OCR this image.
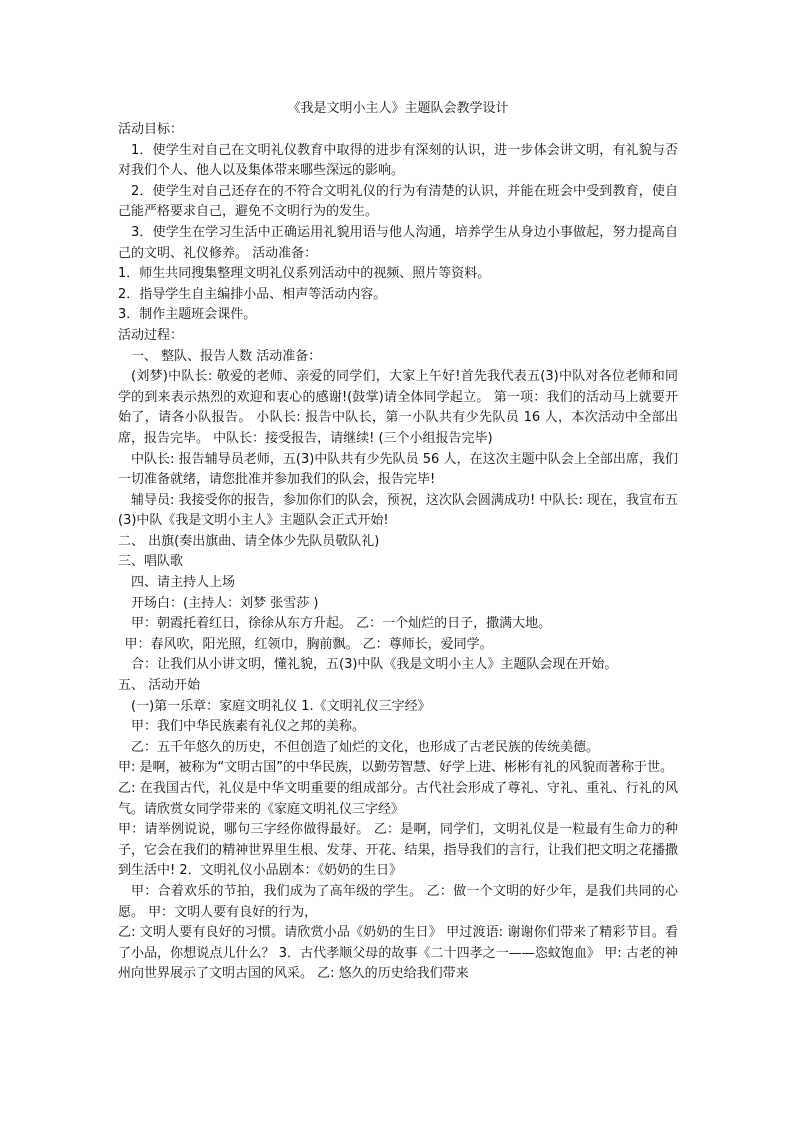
《我是文明小主人》主题队会教学设计

活动目标：

1．使学生对自己在文明礼仪教育中取得的进步有深刻的认识，进一步体会讲文明，有礼貌与否对我们个人、他人以及集体带来哪些深远的影响。

2．使学生对自己还存在的不符合文明礼仪的行为有清楚的认识，并能在班会中受到教育，使自己能严格要求自己，避免不文明行为的发生。

3．使学生在学习生活中正确运用礼貌用语与他人沟通，培养学生从身边小事做起，努力提高自己的文明、礼仪修养。 活动准备：

1．师生共同搜集整理文明礼仪系列活动中的视频、照片等资料。

2．指导学生自主编排小品、相声等活动内容。

3．制作主题班会课件。

活动过程：

一、 整队、报告人数 活动准备：

(刘梦)中队长: 敬爱的老师、亲爱的同学们，大家上午好!首先我代表五(3)中队对各位老师和同学的到来表示热烈的欢迎和衷心的感谢!(鼓掌)请全体同学起立。 第一项：我们的活动马上就要开始了，请各小队报告。 小队长: 报告中队长，第一小队共有少先队员 16 人，本次活动中全部出席，报告完毕。 中队长：接受报告，请继续! (三个小组报告完毕)

中队长: 报告辅导员老师，五(3)中队共有少先队员 56 人，在这次主题中队会上全部出席，我们一切准备就绪，请您批准并参加我们的队会，报告完毕!

辅导员: 我接受你的报告，参加你们的队会，预祝，这次队会圆满成功! 中队长: 现在，我宣布五(3)中队《我是文明小主人》主题队会正式开始!

二、 出旗(奏出旗曲、请全体少先队员敬队礼)

三、唱队歌

四、请主持人上场

开场白：(主持人：刘梦 张雪莎 )

甲：朝霞托着红日，徐徐从东方升起。 乙：一个灿烂的日子，撒满大地。

甲：春风吹，阳光照，红领巾，胸前飘。 乙：尊师长，爱同学。

合：让我们从小讲文明，懂礼貌，五(3)中队《我是文明小主人》主题队会现在开始。

五、 活动开始

(一)第一乐章：家庭文明礼仪 1.《文明礼仪三字经》

甲：我们中华民族素有礼仪之邦的美称。

乙：五千年悠久的历史，不但创造了灿烂的文化，也形成了古老民族的传统美德。

甲: 是啊，被称为“文明古国”的中华民族，以勤劳智慧、好学上进、彬彬有礼的风貌而著称于世。

乙: 在我国古代，礼仪是中华文明重要的组成部分。古代社会形成了尊礼、守礼、重礼、行礼的风气。请欣赏女同学带来的《家庭文明礼仪三字经》

甲：请举例说说，哪句三字经你做得最好。 乙：是啊，同学们，文明礼仪是一粒最有生命力的种子，它会在我们的精神世界里生根、发芽、开花、结果，指导我们的言行，让我们把文明之花播撒到生活中! 2．文明礼仪小品剧本：《奶奶的生日》

甲：合着欢乐的节拍，我们成为了高年级的学生。 乙：做一个文明的好少年，是我们共同的心愿。 甲：文明人要有良好的行为，

乙: 文明人要有良好的习惯。请欣赏小品《奶奶的生日》 甲过渡语: 谢谢你们带来了精彩节目。看了小品，你想说点儿什么？ 3．古代孝顺父母的故事《二十四孝之一——恣蚊饱血》 甲: 古老的神州向世界展示了文明古国的风采。 乙: 悠久的历史给我们带来
